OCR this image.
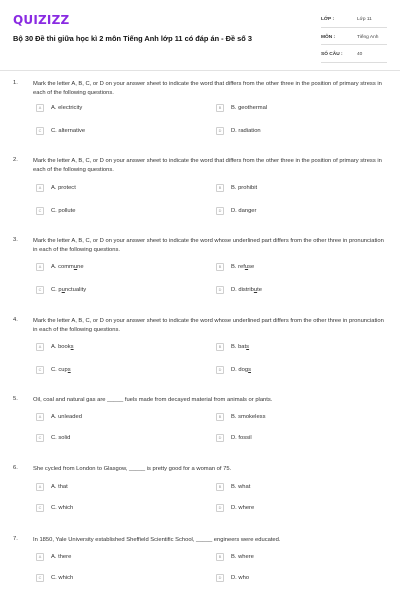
QUIZIZZ
Bộ 30 Đề thi giữa học kì 2 môn Tiếng Anh lớp 11 có đáp án - Đề số 3
LỚP :	Lớp 11
MÔN :	Tiếng Anh
SỐ CÂU :	40
1.	Mark the letter A, B, C, or D on your answer sheet to indicate the word that differs from the other three in the position of primary stress in each of the following questions.
2.	Mark the letter A, B, C, or D on your answer sheet to indicate the word that differs from the other three in the position of primary stress in each of the following questions.
3.	Mark the letter A, B, C, or D on your answer sheet to indicate the word whose underlined part differs from the other three in pronunciation in each of the following questions.
4.	Mark the letter A, B, C, or D on your answer sheet to indicate the word whose underlined part differs from the other three in pronunciation in each of the following questions.
5.	Oil, coal and natural gas are _____ fuels made from decayed material from animals or plants.
6.	She cycled from London to Glasgow, _____ is pretty good for a woman of 75.
7.	In 1850, Yale University established Sheffield Scientific School, _____ engineers were educated.
A	A. electricity	B	B. geothermal
C	C. alternative	D	D. radiation
A	A. protect	B	B. prohibit
C	C. pollute	D	D. danger
A	A. commune	B	B. refuse
C	C. punctuality	D	D. distribute
A	A. books	B	B. bats
C	C. cups	D	D. dogs
A	A. unleaded	B	B. smokeless
C	C. solid	D	D. fossil
A	A. that	B	B. what
C	C. which	D	D. where
A	A. there	B	B. where
C	C. which	D	D. who
